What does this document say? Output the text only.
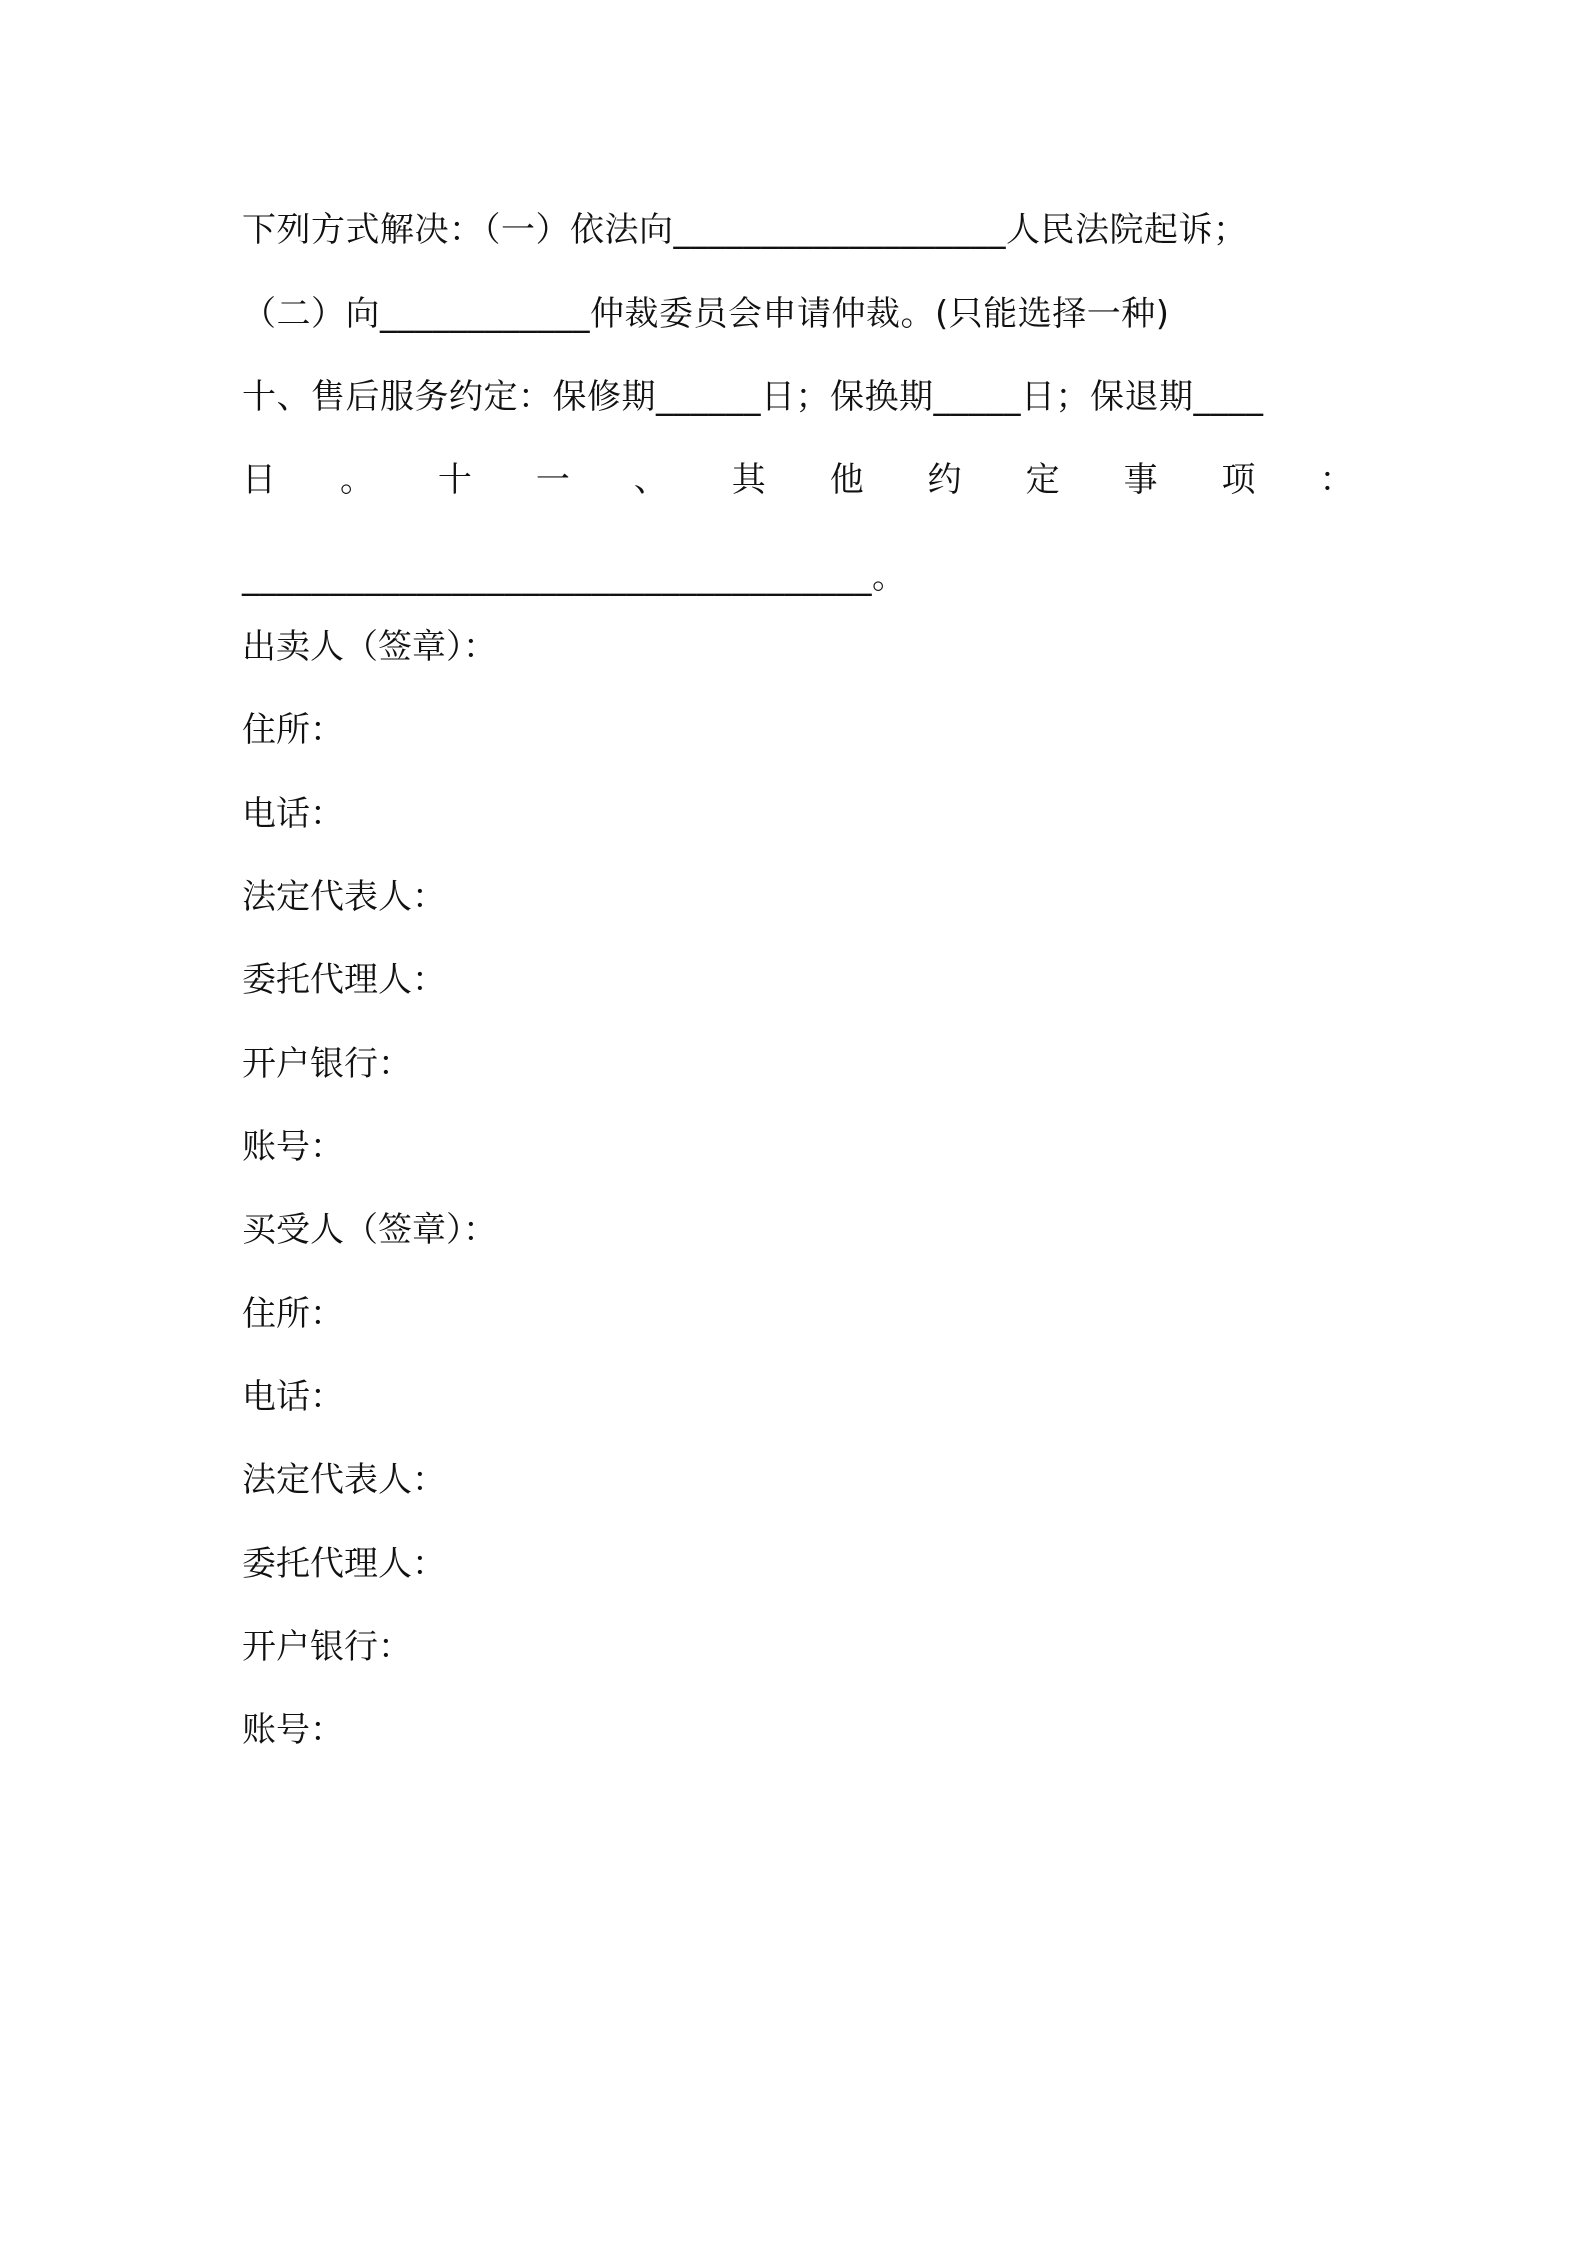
下列方式解决：（一）依法向___________________人民法院起诉；
（二）向____________仲裁委员会申请仲裁。(只能选择一种)
十、售后服务约定：保修期______日；保换期_____日；保退期____
日 。 十 一 、 其 他 约 定 事 项 ：
____________________________________。
出卖人（签章）：
住所：
电话：
法定代表人：
委托代理人：
开户银行：
账号：
买受人（签章）：
住所：
电话：
法定代表人：
委托代理人：
开户银行：
账号：
